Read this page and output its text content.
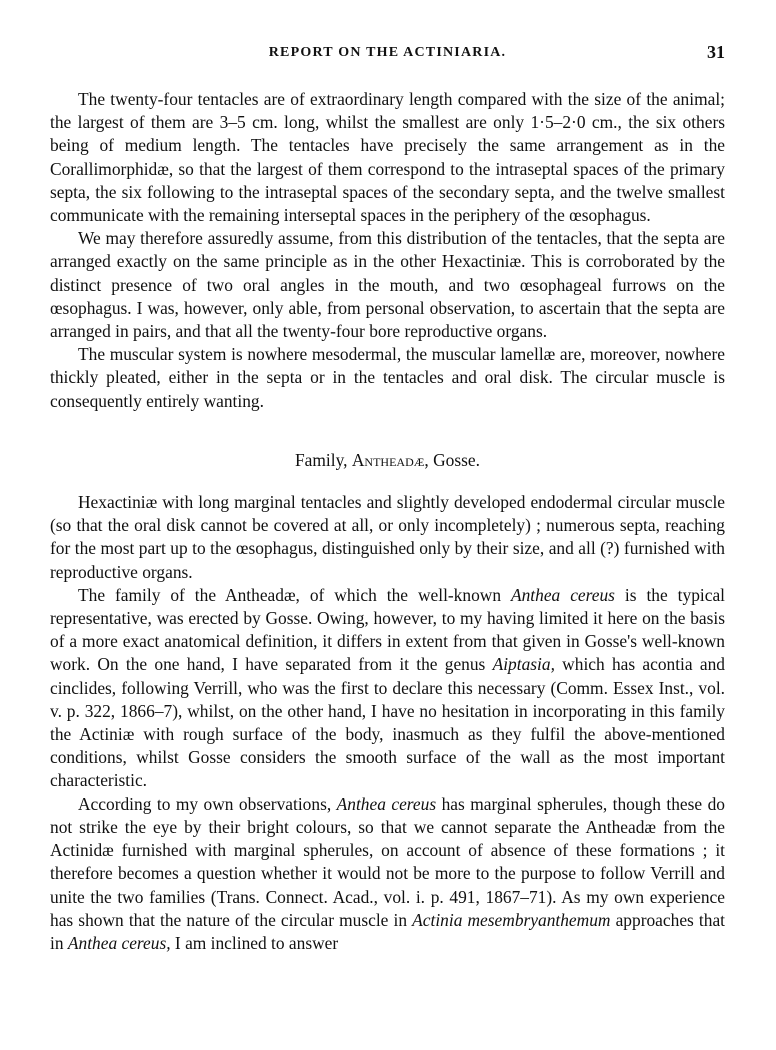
REPORT ON THE ACTINIARIA.	31

The twenty-four tentacles are of extraordinary length compared with the size of the animal; the largest of them are 3–5 cm. long, whilst the smallest are only 1·5–2·0 cm., the six others being of medium length. The tentacles have precisely the same arrangement as in the Corallimorphidæ, so that the largest of them correspond to the intraseptal spaces of the primary septa, the six following to the intraseptal spaces of the secondary septa, and the twelve smallest communicate with the remaining interseptal spaces in the periphery of the œsophagus.

We may therefore assuredly assume, from this distribution of the tentacles, that the septa are arranged exactly on the same principle as in the other Hexactiniæ. This is corroborated by the distinct presence of two oral angles in the mouth, and two œsophageal furrows on the œsophagus. I was, however, only able, from personal observation, to ascertain that the septa are arranged in pairs, and that all the twenty-four bore reproductive organs.

The muscular system is nowhere mesodermal, the muscular lamellæ are, moreover, nowhere thickly pleated, either in the septa or in the tentacles and oral disk. The circular muscle is consequently entirely wanting.

Family, Antheadæ, Gosse.

Hexactiniæ with long marginal tentacles and slightly developed endodermal circular muscle (so that the oral disk cannot be covered at all, or only incompletely) ; numerous septa, reaching for the most part up to the œsophagus, distinguished only by their size, and all (?) furnished with reproductive organs.

The family of the Antheadæ, of which the well-known Anthea cereus is the typical representative, was erected by Gosse. Owing, however, to my having limited it here on the basis of a more exact anatomical definition, it differs in extent from that given in Gosse's well-known work. On the one hand, I have separated from it the genus Aiptasia, which has acontia and cinclides, following Verrill, who was the first to declare this necessary (Comm. Essex Inst., vol. v. p. 322, 1866–7), whilst, on the other hand, I have no hesitation in incorporating in this family the Actiniæ with rough surface of the body, inasmuch as they fulfil the above-mentioned conditions, whilst Gosse considers the smooth surface of the wall as the most important characteristic.

According to my own observations, Anthea cereus has marginal spherules, though these do not strike the eye by their bright colours, so that we cannot separate the Antheadæ from the Actinidæ furnished with marginal spherules, on account of absence of these formations ; it therefore becomes a question whether it would not be more to the purpose to follow Verrill and unite the two families (Trans. Connect. Acad., vol. i. p. 491, 1867–71). As my own experience has shown that the nature of the circular muscle in Actinia mesembryanthemum approaches that in Anthea cereus, I am inclined to answer
